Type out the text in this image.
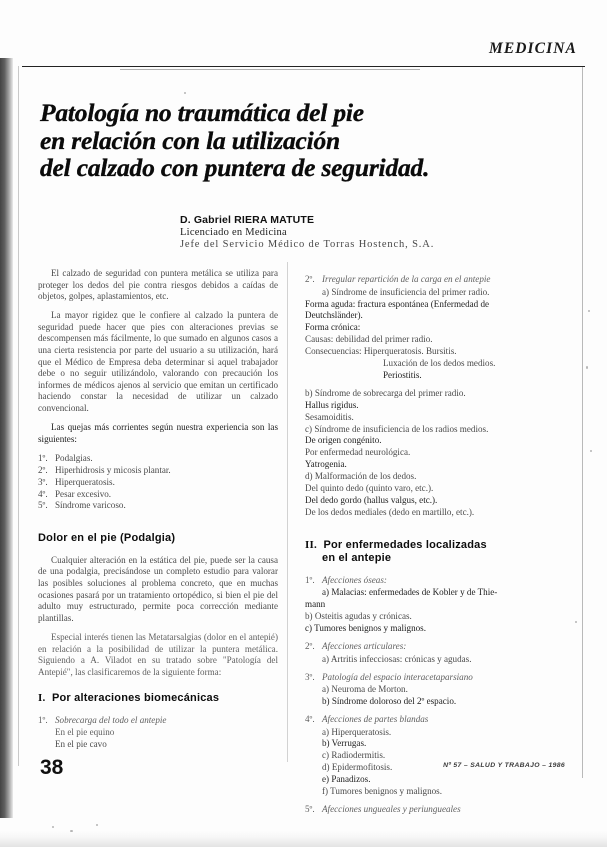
MEDICINA
Patología no traumática del pie
en relación con la utilización
del calzado con puntera de seguridad.
D. Gabriel RIERA MATUTE
Licenciado en Medicina
Jefe del Servicio Médico de Torras Hostench, S.A.

El calzado de seguridad con puntera metálica se utiliza para proteger los dedos del pie contra riesgos debidos a caídas de objetos, golpes, aplastamientos, etc.

La mayor rigidez que le confiere al calzado la puntera de seguridad puede hacer que pies con alteraciones previas se descompensen más fácilmente, lo que sumado en algunos casos a una cierta resistencia por parte del usuario a su utilización, hará que el Médico de Empresa deba determinar si aquel trabajador debe o no seguir utilizándolo, valorando con precaución los informes de médicos ajenos al servicio que emitan un certificado haciendo constar la necesidad de utilizar un calzado convencional.

Las quejas más corrientes según nuestra experiencia son las siguientes:

1º. Podalgias.
2º. Hiperhidrosis y micosis plantar.
3º. Hiperqueratosis.
4º. Pesar excesivo.
5º. Síndrome varicoso.
Dolor en el pie (Podalgia)

Cualquier alteración en la estática del pie, puede ser la causa de una podalgia, precisándose un completo estudio para valorar las posibles soluciones al problema concreto, que en muchas ocasiones pasará por un tratamiento ortopédico, si bien el pie del adulto muy estructurado, permite poca corrección mediante plantillas.

Especial interés tienen las Metatarsalgias (dolor en el antepié) en relación a la posibilidad de utilizar la puntera metálica. Siguiendo a A. Viladot en su tratado sobre "Patología del Antepié", las clasificaremos de la siguiente forma:

I. Por alteraciones biomecánicas

1º. Sobrecarga del todo el antepie

En el pie equino

En el pie cavo

2º. Irregular repartición de la carga en el antepie

a) Síndrome de insuficiencia del primer radio.

Forma aguda: fractura espontánea (Enfermedad de

Deutchsländer).

Forma crónica:

Causas: debilidad del primer radio.

Consecuencias: Hiperqueratosis. Bursitis.

Luxación de los dedos medios.

Periostitis.

b) Síndrome de sobrecarga del primer radio.

Hallus rigidus.

Sesamoiditis.

c) Síndrome de insuficiencia de los radios medios.

De origen congénito.

Por enfermedad neurológica.

Yatrogenia.

d) Malformación de los dedos.

Del quinto dedo (quinto varo, etc.).

Del dedo gordo (hallus valgus, etc.).

De los dedos mediales (dedo en martillo, etc.).

II. Por enfermedades localizadas
en el antepie

1º. Afecciones óseas:

a) Malacias: enfermedades de Kobler y de Thie-

mann

b) Osteitis agudas y crónicas.

c) Tumores benignos y malignos.

2º. Afecciones articulares:

a) Artritis infecciosas: crónicas y agudas.

3º. Patología del espacio interacetaparsiano

a) Neuroma de Morton.

b) Síndrome doloroso del 2º espacio.

4º. Afecciones de partes blandas

a) Hiperqueratosis.

b) Verrugas.

c) Radiodermitis.

d) Epidermofitosis.

e) Panadizos.

f) Tumores benignos y malignos.

5º. Afecciones ungueales y periungueales

38	Nº 57 – SALUD Y TRABAJO – 1986
